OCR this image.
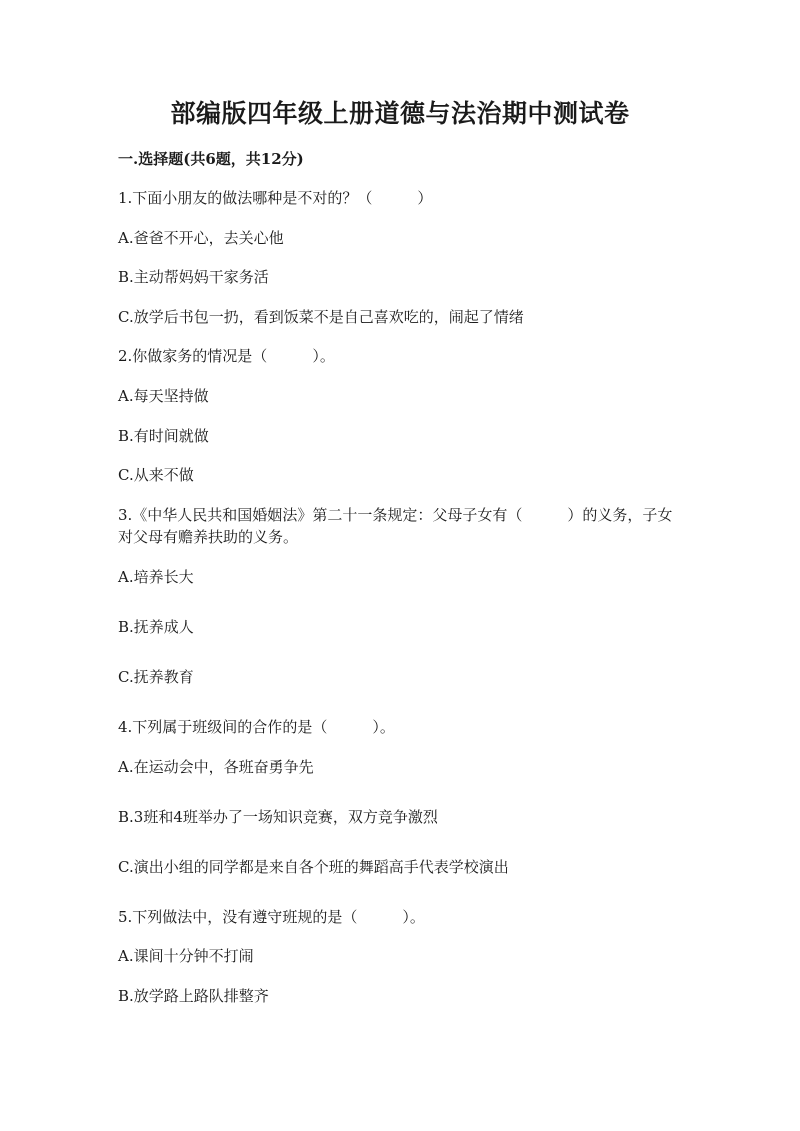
部编版四年级上册道德与法治期中测试卷
一.选择题(共6题，共12分)
1.下面小朋友的做法哪种是不对的？（　　　）
A.爸爸不开心，去关心他
B.主动帮妈妈干家务活
C.放学后书包一扔，看到饭菜不是自己喜欢吃的，闹起了情绪
2.你做家务的情况是（　　　）。
A.每天坚持做
B.有时间就做
C.从来不做
3.《中华人民共和国婚姻法》第二十一条规定：父母子女有（　　　）的义务，子女对父母有赡养扶助的义务。
A.培养长大
B.抚养成人
C.抚养教育
4.下列属于班级间的合作的是（　　　）。
A.在运动会中，各班奋勇争先
B.3班和4班举办了一场知识竞赛，双方竞争激烈
C.演出小组的同学都是来自各个班的舞蹈高手代表学校演出
5.下列做法中，没有遵守班规的是（　　　）。
A.课间十分钟不打闹
B.放学路上路队排整齐
